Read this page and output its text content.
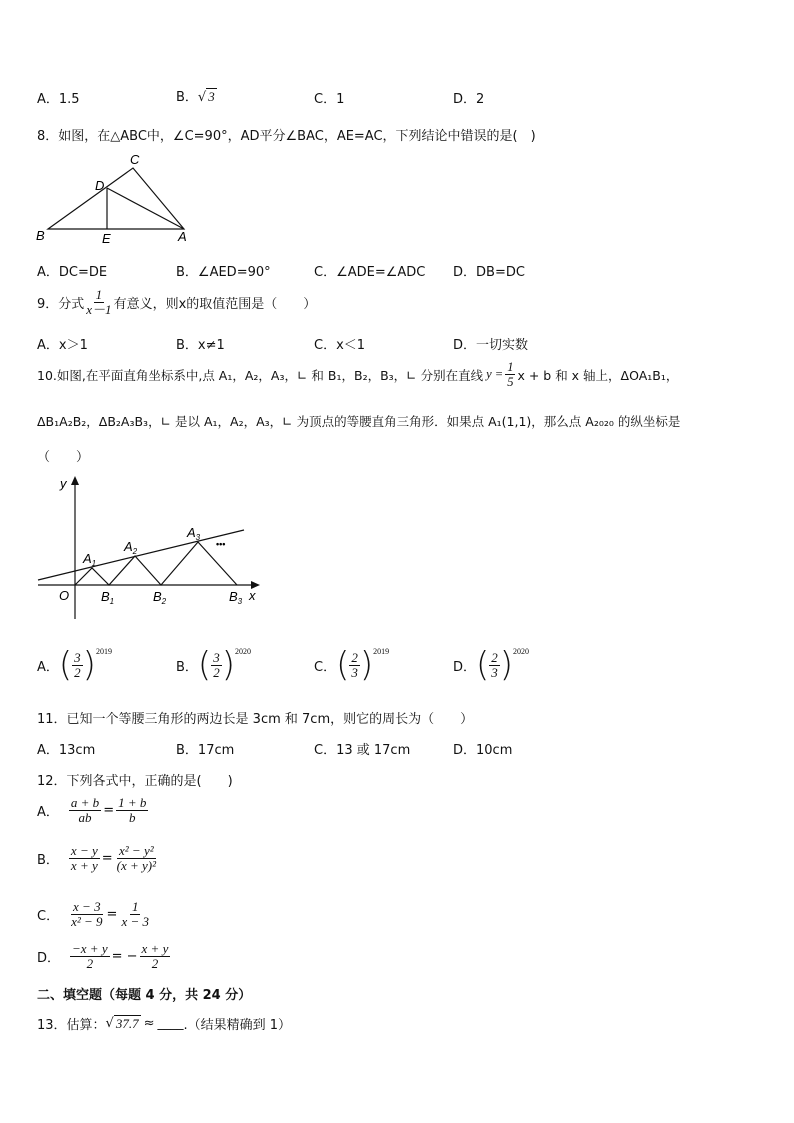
A．1.5	B．√ 3	C．1	D．2
8．如图，在△ABC中，∠C=90°，AD平分∠BAC，AE=AC，下列结论中错误的是(　)
C
D
B	E	A
A．DC=DE	B．∠AED=90°	C．∠ADE=∠ADC D．DB=DC
9．分式 $\frac{1}{x-1}$ 有意义，则x的取值范围是（　　）
A．x＞1	B．x≠1	C．x＜1	D．一切实数
10.如图,在平面直角坐标系中,点 A₁，A₂，A₃，∟ 和 B₁，B₂，B₃，∟ 分别在直线 $y = \frac{1}{5}$ x + b 和 x 轴上，ΔOA₁B₁，
ΔB₁A₂B₂，ΔB₂A₃B₃，∟ 是以 A₁，A₂，A₃，∟ 为顶点的等腰直角三角形．如果点 A₁(1,1)，那么点 A₂₀₂₀ 的纵坐标是
（　　）
y
x
O
$A_1$
$A_2$
$A_3$
$B_1$	$B_2$	$B_3$
•••
A． ( $\frac{3}{2} )^{2019}$
B． ( $\frac{3}{2} )^{2020}$
C． ( $\frac{2}{3} )^{2019}$
D． ( $\frac{2}{3} )^{2020}$
11．已知一个等腰三角形的两边长是 3cm 和 7cm，则它的周长为（　　）
A．13cm	B．17cm	C．13 或 17cm	D．10cm
12．下列各式中，正确的是(　　)
A． $\frac{a + b}{ab} = \frac{1 + b}{b}$
B． $\frac{x - y}{x + y} = \frac{\text{x² − y²}}{\text{(x + y)²}}$
C． $\frac{x - 3}{\text{x² − 9}} = \frac{1}{x - 3}$
D． $\frac{-x + y}{2}$ = − $\frac{x + y}{2}$
二、填空题（每题 4 分，共 24 分）
13．估算： √ 37.7 ≈ ____ .（结果精确到 1）
